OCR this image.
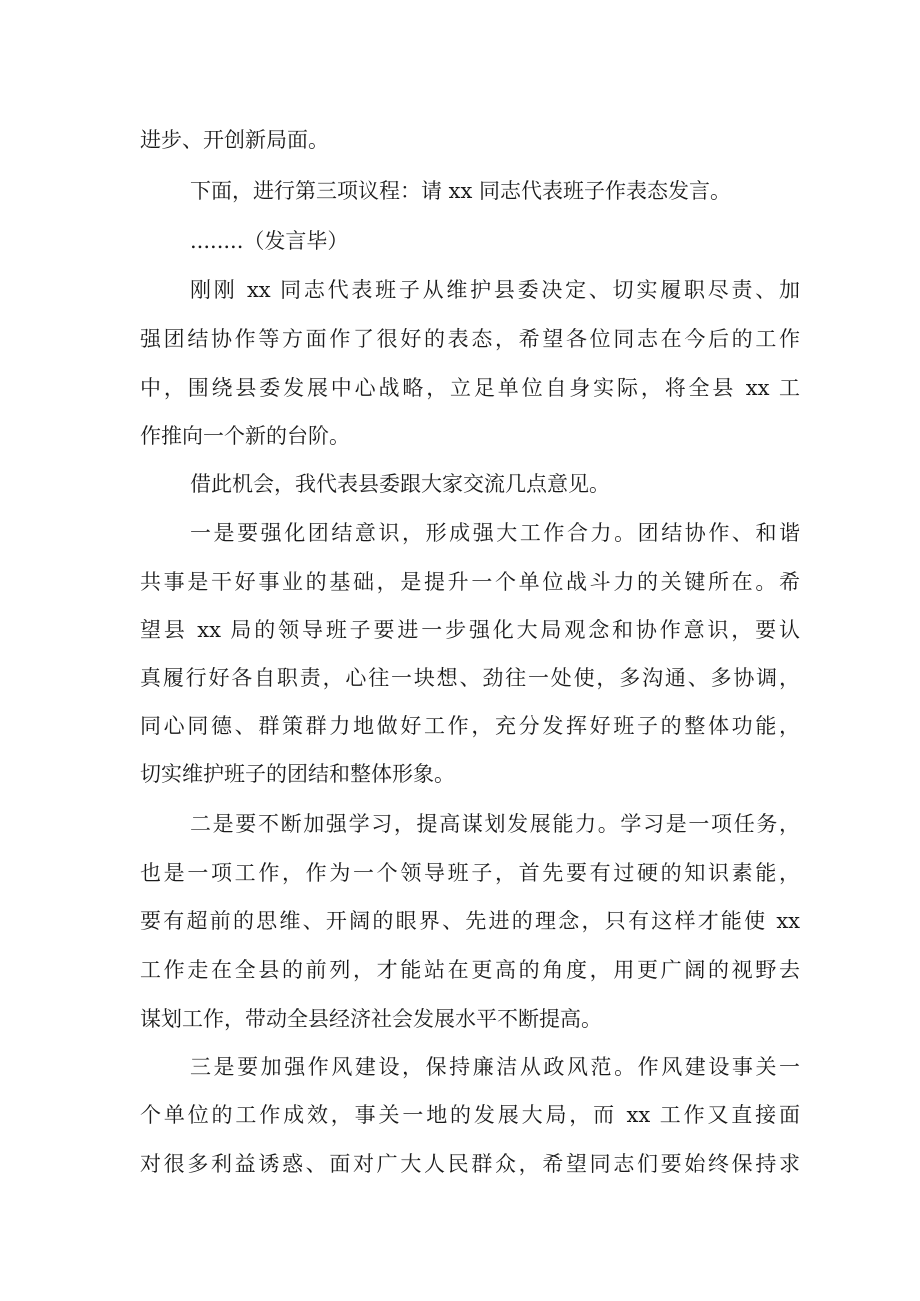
进步、开创新局面。
下面，进行第三项议程：请 xx 同志代表班子作表态发言。
........（发言毕）
刚刚 xx 同志代表班子从维护县委决定、切实履职尽责、加
强团结协作等方面作了很好的表态，希望各位同志在今后的工作
中，围绕县委发展中心战略，立足单位自身实际，将全县 xx 工
作推向一个新的台阶。
借此机会，我代表县委跟大家交流几点意见。
一是要强化团结意识，形成强大工作合力。团结协作、和谐
共事是干好事业的基础，是提升一个单位战斗力的关键所在。希
望县 xx 局的领导班子要进一步强化大局观念和协作意识，要认
真履行好各自职责，心往一块想、劲往一处使，多沟通、多协调，
同心同德、群策群力地做好工作，充分发挥好班子的整体功能，
切实维护班子的团结和整体形象。
二是要不断加强学习，提高谋划发展能力。学习是一项任务，
也是一项工作，作为一个领导班子，首先要有过硬的知识素能，
要有超前的思维、开阔的眼界、先进的理念，只有这样才能使 xx
工作走在全县的前列，才能站在更高的角度，用更广阔的视野去
谋划工作，带动全县经济社会发展水平不断提高。
三是要加强作风建设，保持廉洁从政风范。作风建设事关一
个单位的工作成效，事关一地的发展大局，而 xx 工作又直接面
对很多利益诱惑、面对广大人民群众，希望同志们要始终保持求
